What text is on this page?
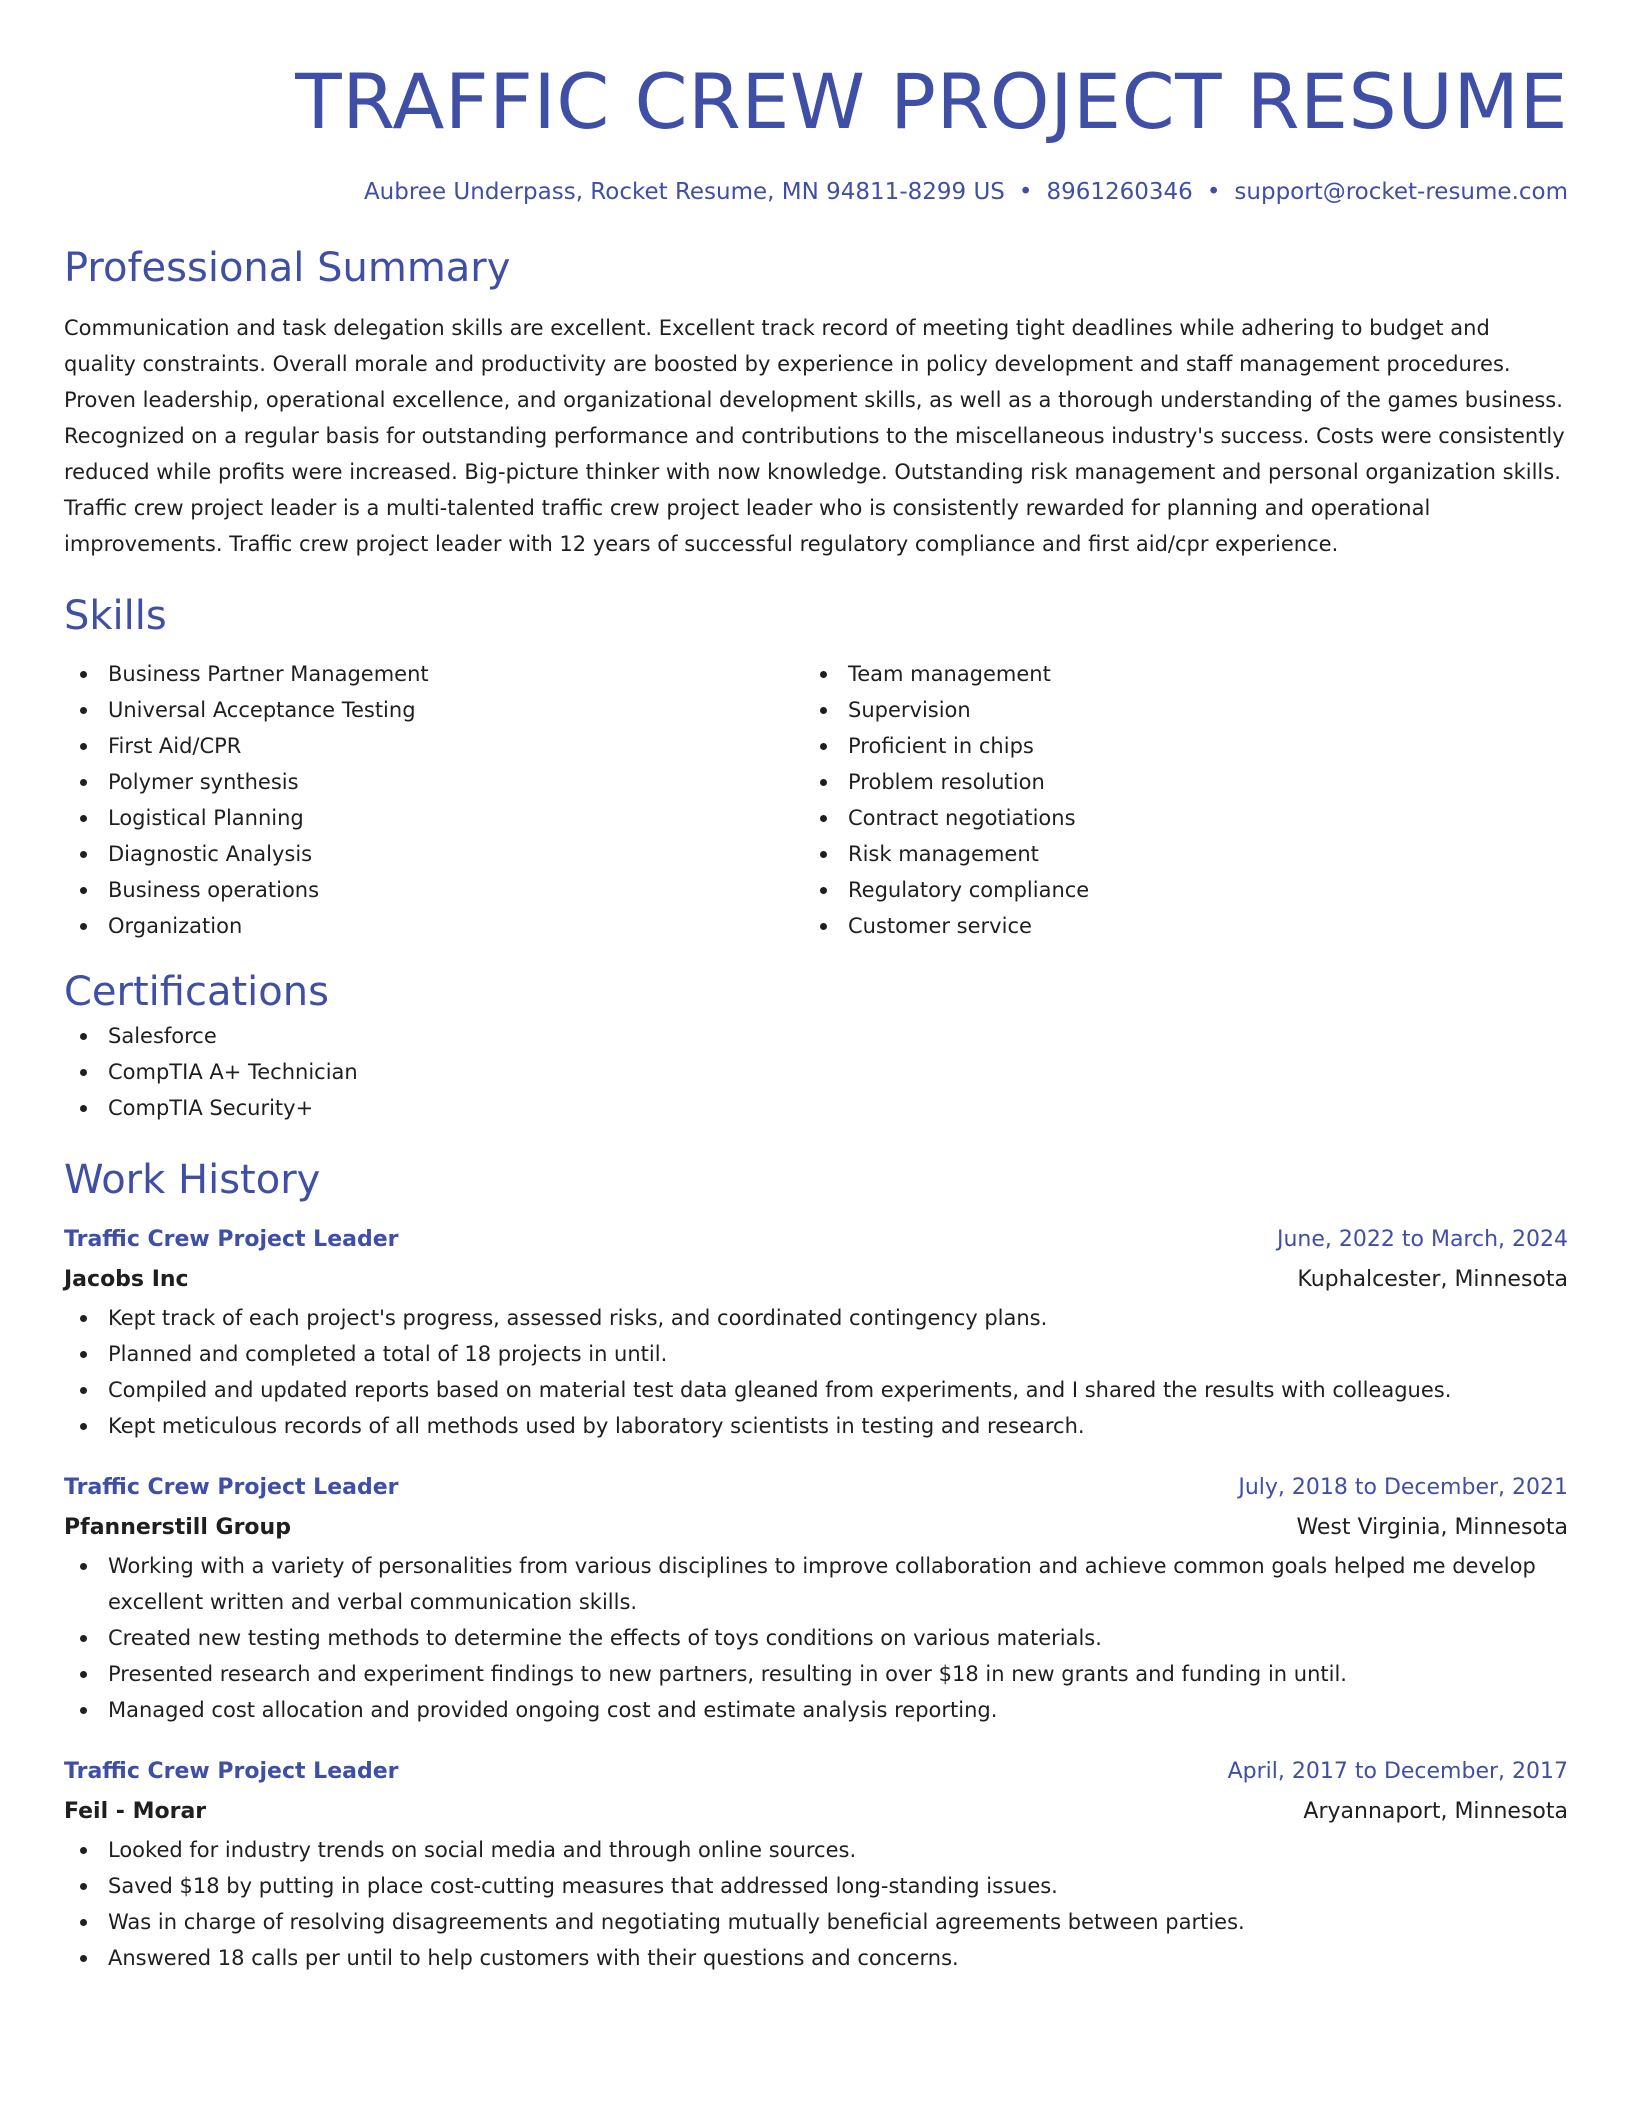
TRAFFIC CREW PROJECT RESUME
Aubree Underpass, Rocket Resume, MN 94811-8299 US • 8961260346 • support@rocket-resume.com
Professional Summary

Communication and task delegation skills are excellent. Excellent track record of meeting tight deadlines while adhering to budget and quality constraints. Overall morale and productivity are boosted by experience in policy development and staff management procedures. Proven leadership, operational excellence, and organizational development skills, as well as a thorough understanding of the games business. Recognized on a regular basis for outstanding performance and contributions to the miscellaneous industry's success. Costs were consistently reduced while profits were increased. Big-picture thinker with now knowledge. Outstanding risk management and personal organization skills. Traffic crew project leader is a multi-talented traffic crew project leader who is consistently rewarded for planning and operational improvements. Traffic crew project leader with 12 years of successful regulatory compliance and first aid/cpr experience.

Skills
Business Partner Management
Universal Acceptance Testing
First Aid/CPR
Polymer synthesis
Logistical Planning
Diagnostic Analysis
Business operations
Organization
Team management
Supervision
Proficient in chips
Problem resolution
Contract negotiations
Risk management
Regulatory compliance
Customer service
Certifications
Salesforce
CompTIA A+ Technician
CompTIA Security+
Work History
Traffic Crew Project Leader	June, 2022 to March, 2024
Jacobs Inc	Kuphalcester, Minnesota
Kept track of each project's progress, assessed risks, and coordinated contingency plans.
Planned and completed a total of 18 projects in until.
Compiled and updated reports based on material test data gleaned from experiments, and I shared the results with colleagues.
Kept meticulous records of all methods used by laboratory scientists in testing and research.
Traffic Crew Project Leader	July, 2018 to December, 2021
Pfannerstill Group	West Virginia, Minnesota
Working with a variety of personalities from various disciplines to improve collaboration and achieve common goals helped me develop excellent written and verbal communication skills.
Created new testing methods to determine the effects of toys conditions on various materials.
Presented research and experiment findings to new partners, resulting in over $18 in new grants and funding in until.
Managed cost allocation and provided ongoing cost and estimate analysis reporting.
Traffic Crew Project Leader	April, 2017 to December, 2017
Feil - Morar	Aryannaport, Minnesota
Looked for industry trends on social media and through online sources.
Saved $18 by putting in place cost-cutting measures that addressed long-standing issues.
Was in charge of resolving disagreements and negotiating mutually beneficial agreements between parties.
Answered 18 calls per until to help customers with their questions and concerns.
